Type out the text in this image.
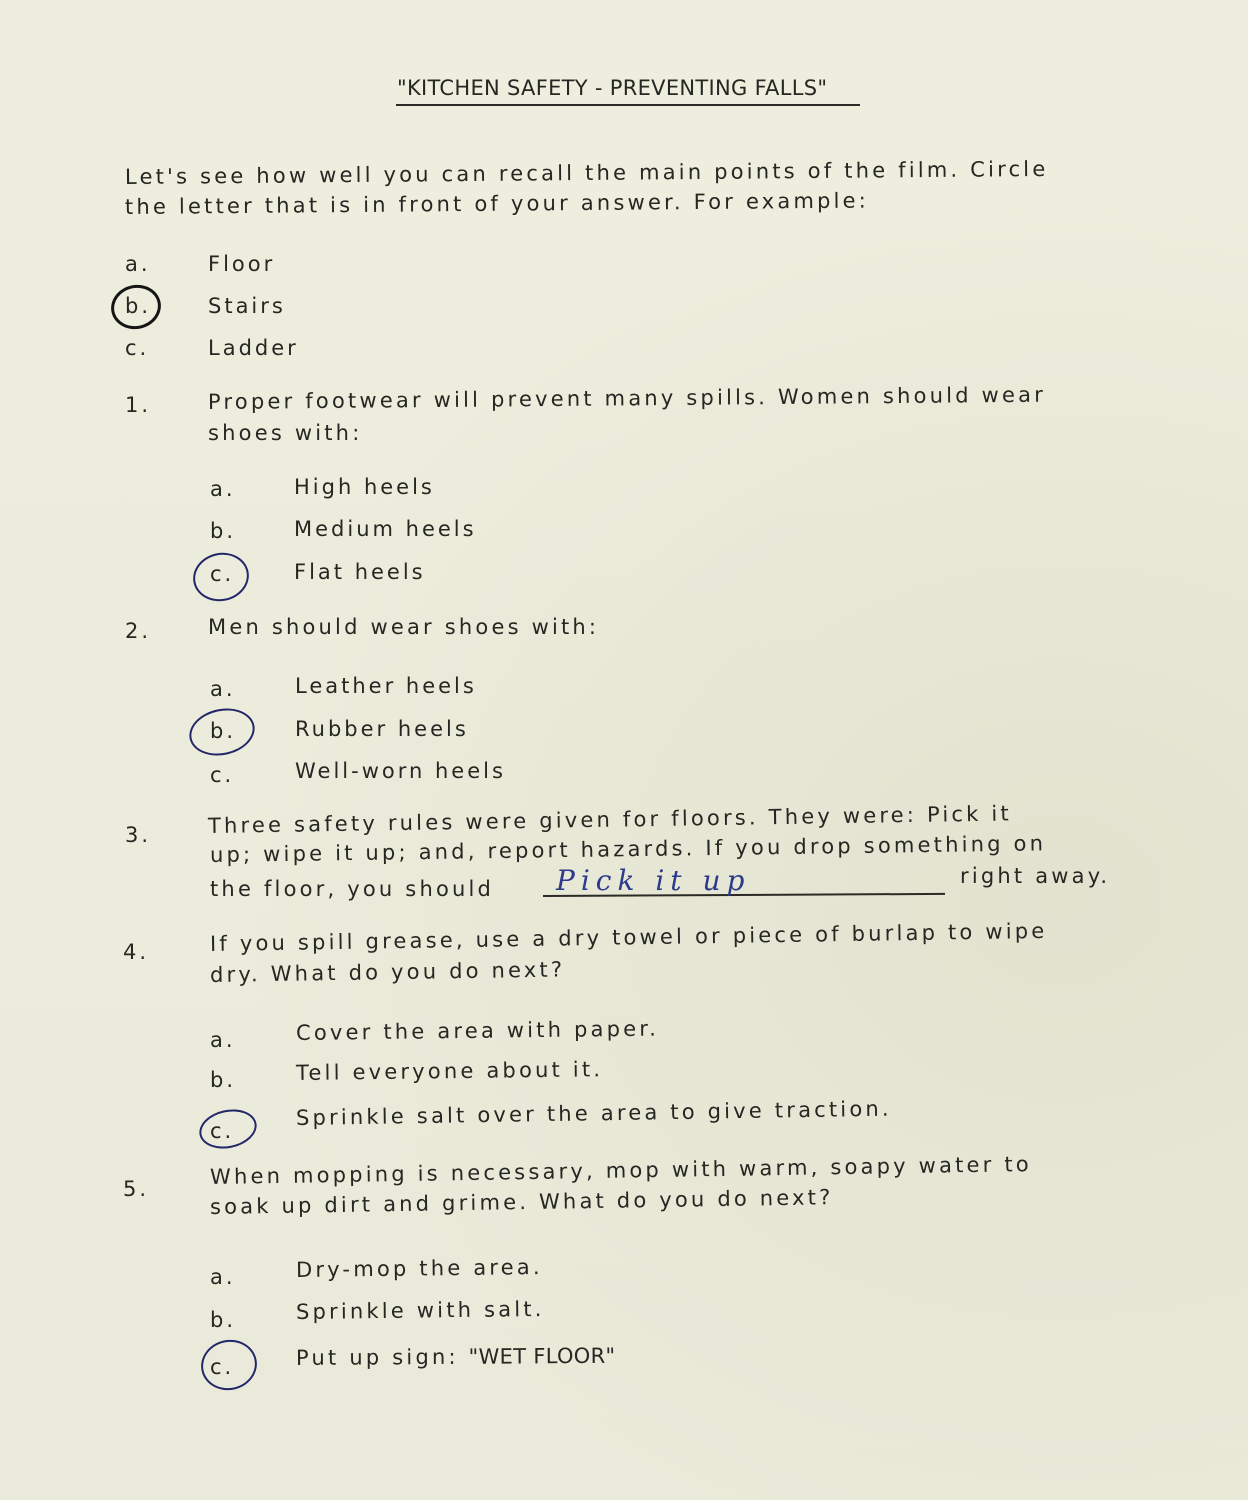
"KITCHEN SAFETY - PREVENTING FALLS"
Let's see how well you can recall the main points of the film. Circle
the letter that is in front of your answer. For example:
a.	Floor
b.	Stairs
c.	Ladder
1.	Proper footwear will prevent many spills. Women should wear
shoes with:
a.	High heels
b.	Medium heels
c.	Flat heels
2.	Men should wear shoes with:
a.	Leather heels
b.	Rubber heels
c.	Well-worn heels
3.	Three safety rules were given for floors. They were: Pick it
up; wipe it up; and, report hazards. If you drop something on
the floor, you should Pick it up	right away.
4.	If you spill grease, use a dry towel or piece of burlap to wipe
dry. What do you do next?
a.	Cover the area with paper.
b.	Tell everyone about it.
c.
Sprinkle salt over the area to give traction.
5.
When mopping is necessary, mop with warm, soapy water to
soak up dirt and grime. What do you do next?
a.	Dry-mop the area.
b.	Sprinkle with salt.
c.	Put up sign: "WET FLOOR"
